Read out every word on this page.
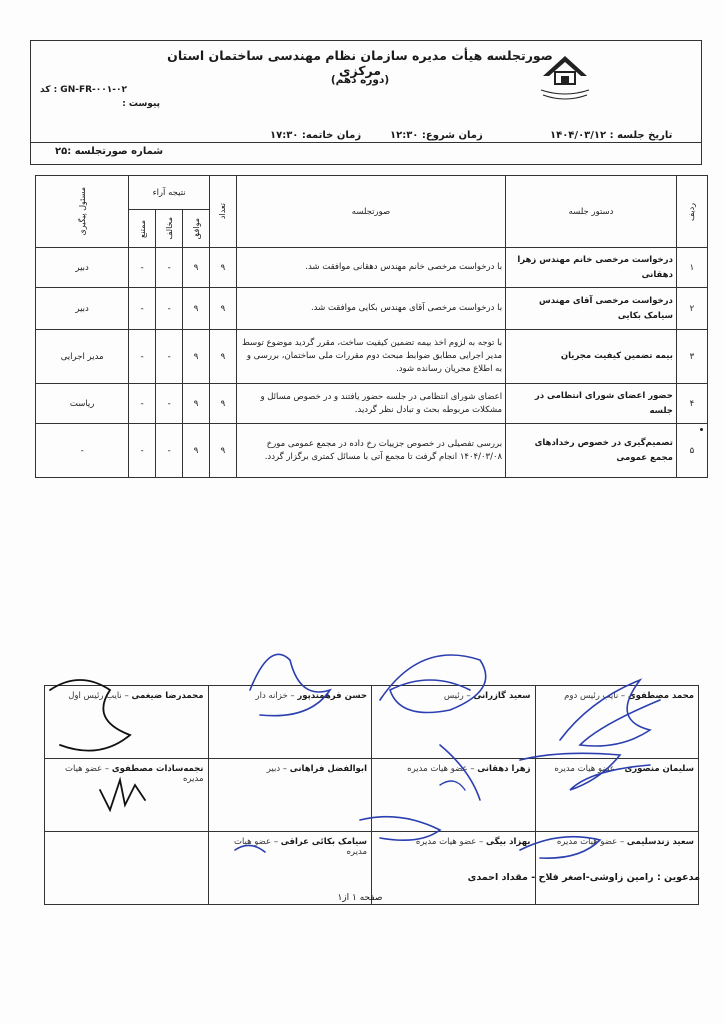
صورتجلسه هیأت مدیره سازمان نظام مهندسی ساختمان استان مرکزی
(دوره دهم)
کد : GN-FR-۰۰۱-۰۲
پیوست :
تاریخ جلسه : ۱۴۰۴/۰۳/۱۲
زمان شروع: ۱۲:۳۰
زمان خاتمه: ۱۷:۳۰
شماره صورتجلسه :۲۵
ردیف	دستور جلسه	صورتجلسه	تعداد	نتیجه آراء			مسئول پیگیری

				موافق	مخالف	ممتنع	

۱	درخواست مرخصی خانم مهندس زهرا دهقانی	با درخواست مرخصی خانم مهندس دهقانی موافقت شد.	۹	۹	-	-	دبیر
۲	درخواست مرخصی آقای مهندس سیامک بکایی	با درخواست مرخصی آقای مهندس بکایی موافقت شد.	۹	۹	-	-	دبیر
۳	بیمه تضمین کیفیت مجریان	با توجه به لزوم اخذ بیمه تضمین کیفیت ساخت، مقرر گردید موضوع توسط مدیر اجرایی مطابق ضوابط مبحث دوم مقررات ملی ساختمان، بررسی و به اطلاع مجریان رسانده شود.	۹	۹	-	-	مدیر اجرایی
۴	حضور اعضای شورای انتظامی در جلسه	اعضای شورای انتظامی در جلسه حضور یافتند و در خصوص مسائل و مشکلات مربوطه بحث و تبادل نظر گردید.	۹	۹	-	-	ریاست
۵	تصمیم‌گیری در خصوص رخدادهای مجمع عمومی	بررسی تفصیلی در خصوص جزییات رخ داده در مجمع عمومی مورخ ۱۴۰۴/۰۳/۰۸ انجام گرفت تا مجمع آتی با مسائل کمتری برگزار گردد.	۹	۹	-	-	-
محمد مصطفوی – نایب رئیس دوم	سعید گازرانی – رئیس	حسن فرهمندپور – خزانه دار	محمدرضا ضیغمی – نایب رئیس اول
سلیمان منصوری – عضو هیات مدیره	زهرا دهقانی – عضو هیات مدیره	ابوالفضل فراهانی – دبیر	نجمه‌سادات مصطفوی – عضو هیات مدیره
سعید زندسلیمی – عضو هیات مدیره	بهزاد بیگی – عضو هیات مدیره	سیامک بکائی عراقی – عضو هیات مدیره	
مدعوین : رامین زاوشی-اصغر فلاح - مقداد احمدی
صفحه ۱ از۱
